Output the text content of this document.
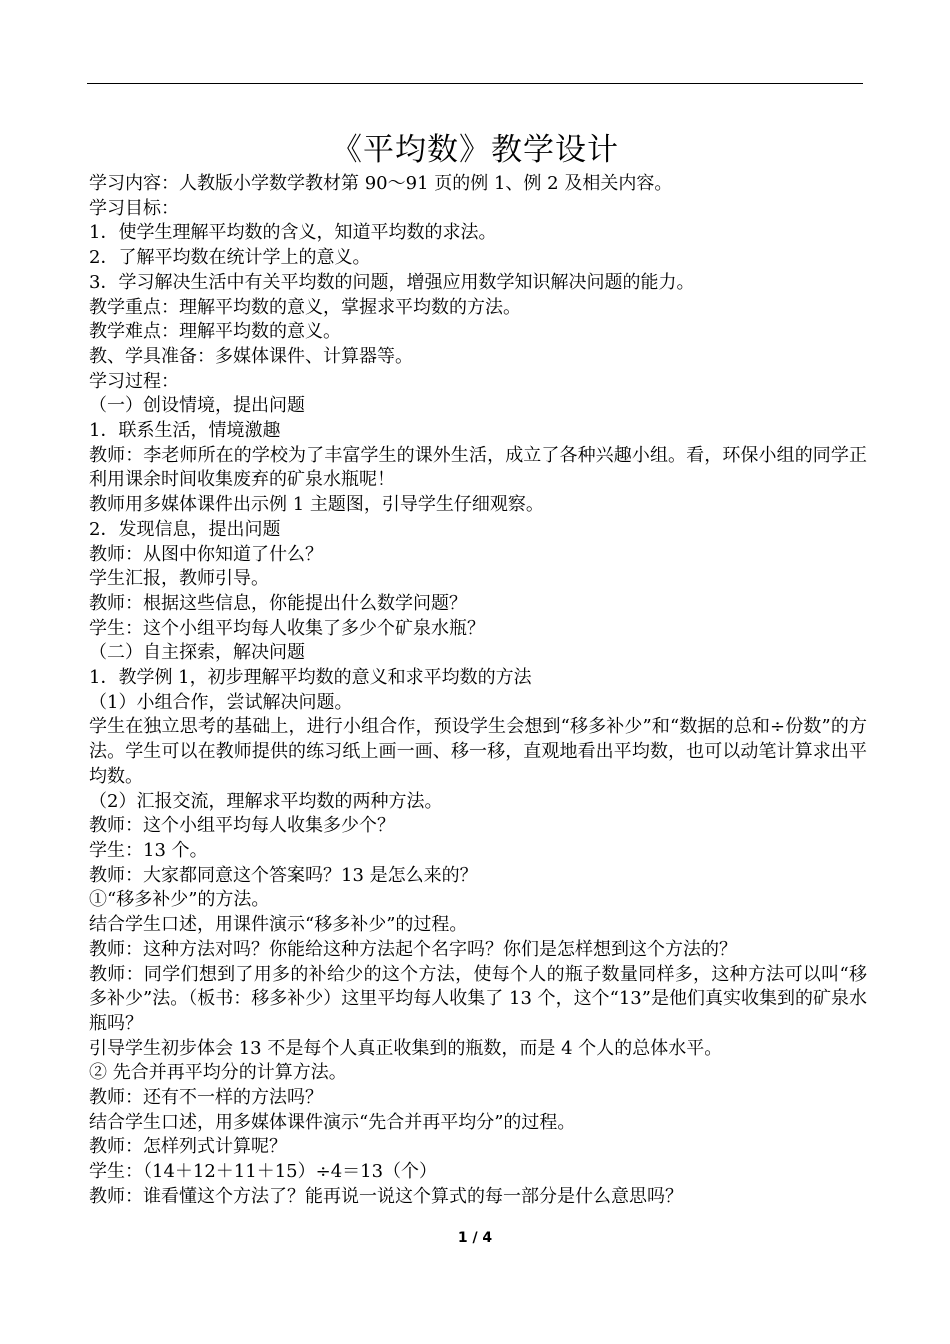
《平均数》教学设计

学习内容：人教版小学数学教材第 90～91 页的例 1、例 2 及相关内容。

学习目标：

1．使学生理解平均数的含义，知道平均数的求法。

2．了解平均数在统计学上的意义。

3．学习解决生活中有关平均数的问题，增强应用数学知识解决问题的能力。

教学重点：理解平均数的意义，掌握求平均数的方法。

教学难点：理解平均数的意义。

教、学具准备：多媒体课件、计算器等。

学习过程：

（一）创设情境，提出问题

1．联系生活，情境激趣

教师：李老师所在的学校为了丰富学生的课外生活，成立了各种兴趣小组。看，环保小组的同学正利用课余时间收集废弃的矿泉水瓶呢！

教师用多媒体课件出示例 1 主题图，引导学生仔细观察。

2．发现信息，提出问题

教师：从图中你知道了什么？

学生汇报，教师引导。

教师：根据这些信息，你能提出什么数学问题？

学生：这个小组平均每人收集了多少个矿泉水瓶？

（二）自主探索，解决问题

1．教学例 1，初步理解平均数的意义和求平均数的方法

（1）小组合作，尝试解决问题。

学生在独立思考的基础上，进行小组合作，预设学生会想到“移多补少”和“数据的总和÷份数”的方法。学生可以在教师提供的练习纸上画一画、移一移，直观地看出平均数，也可以动笔计算求出平均数。

（2）汇报交流，理解求平均数的两种方法。

教师：这个小组平均每人收集多少个？

学生：13 个。

教师：大家都同意这个答案吗？13 是怎么来的？

①“移多补少”的方法。

结合学生口述，用课件演示“移多补少”的过程。

教师：这种方法对吗？你能给这种方法起个名字吗？你们是怎样想到这个方法的？

教师：同学们想到了用多的补给少的这个方法，使每个人的瓶子数量同样多，这种方法可以叫“移多补少”法。（板书：移多补少）这里平均每人收集了 13 个，这个“13”是他们真实收集到的矿泉水瓶吗？

引导学生初步体会 13 不是每个人真正收集到的瓶数，而是 4 个人的总体水平。

② 先合并再平均分的计算方法。

教师：还有不一样的方法吗？

结合学生口述，用多媒体课件演示“先合并再平均分”的过程。

教师：怎样列式计算呢？

学生：（14＋12＋11＋15）÷4＝13（个）

教师：谁看懂这个方法了？能再说一说这个算式的每一部分是什么意思吗？

1 / 4
